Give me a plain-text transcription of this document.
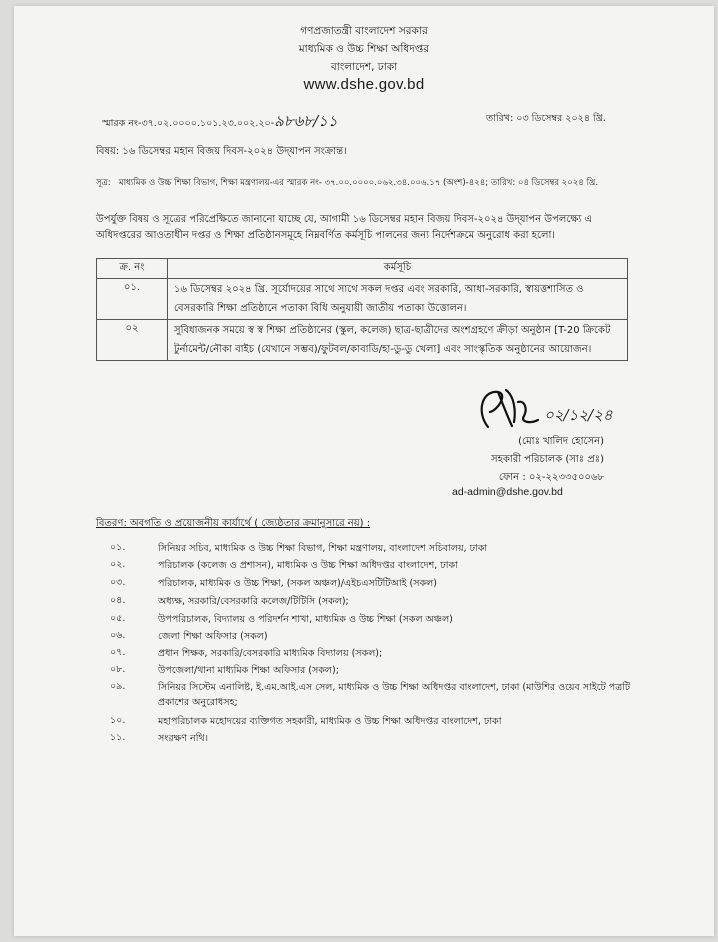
গণপ্রজাতন্ত্রী বাংলাদেশ সরকার
মাধ্যমিক ও উচ্চ শিক্ষা অধিদপ্তর
বাংলাদেশ, ঢাকা
www.dshe.gov.bd
স্মারক নং-৩৭.০২.০০০০.১০১.২৩.০০২.২০-৯৮৬৮/১১	তারিখ: ০৩ ডিসেম্বর ২০২৪ খ্রি.
বিষয়: ১৬ ডিসেম্বর মহান বিজয় দিবস-২০২৪ উদ্‌যাপন সংক্রান্ত।
সূত্র: মাধ্যমিক ও উচ্চ শিক্ষা বিভাগ, শিক্ষা মন্ত্রণালয়-এর স্মারক নং- ৩৭.০০.০০০০.০৬২.৩৪.০০৬.১৭ (অংশ)-৪২৪; তারিখ: ০৪ ডিসেম্বর ২০২৪ খ্রি.
উপর্যুক্ত বিষয় ও সূত্রের পরিপ্রেক্ষিতে জানানো যাচ্ছে যে, আগামী ১৬ ডিসেম্বর মহান বিজয় দিবস-২০২৪ উদ্‌যাপন উপলক্ষ্যে এ অধিদপ্তরের আওতাধীন দপ্তর ও শিক্ষা প্রতিষ্ঠানসমূহে নিম্নবর্ণিত কর্মসূচি পালনের জন্য নির্দেশক্রমে অনুরোধ করা হলো।
ক্র. নং	কর্মসূচি
০১.	১৬ ডিসেম্বর ২০২৪ খ্রি. সূর্যোদয়ের সাথে সাথে সকল দপ্তর এবং সরকারি, আধা-সরকারি, স্বায়ত্তশাসিত ও বেসরকারি শিক্ষা প্রতিষ্ঠানে পতাকা বিধি অনুযায়ী জাতীয় পতাকা উত্তোলন।
০২	সুবিধাজনক সময়ে স্ব স্ব শিক্ষা প্রতিষ্ঠানের (স্কুল, কলেজ) ছাত্র-ছাত্রীদের অংশগ্রহণে ক্রীড়া অনুষ্ঠান [T-20 ক্রিকেট টুর্নামেন্ট/নৌকা বাইচ (যেখানে সম্ভব)/ফুটবল/কাবাডি/হা-ডু-ডু খেলা] এবং সাংস্কৃতিক অনুষ্ঠানের আয়োজন।
০২/১২/২৪
(মোঃ খালিদ হোসেন)
সহকারী পরিচালক (সাঃ প্রঃ)
ফোন : ০২-২২৩৩৫০০৬৮
ad-admin@dshe.gov.bd
বিতরণ: অবগতি ও প্রয়োজনীয় কার্যার্থে ( জ্যেষ্ঠতার ক্রমানুসারে নয়) :
০১.	সিনিয়র সচিব, মাধ্যমিক ও উচ্চ শিক্ষা বিভাগ, শিক্ষা মন্ত্রণালয়, বাংলাদেশ সচিবালয়, ঢাকা
০২.	পরিচালক (কলেজ ও প্রশাসন), মাধ্যমিক ও উচ্চ শিক্ষা অধিদপ্তর বাংলাদেশ, ঢাকা
০৩.	পরিচালক, মাধ্যমিক ও উচ্চ শিক্ষা, (সকল অঞ্চল)/এইচএসটিটিআই (সকল)
০৪.	অধ্যক্ষ, সরকারি/বেসরকারি কলেজ/টিটিসি (সকল);
০৫.	উপপরিচালক, বিদ্যালয় ও পরিদর্শন শাখা, মাধ্যমিক ও উচ্চ শিক্ষা (সকল অঞ্চল)
০৬.	জেলা শিক্ষা অফিসার (সকল)
০৭.	প্রধান শিক্ষক, সরকারি/বেসরকারি মাধ্যমিক বিদ্যালয় (সকল);
০৮.	উপজেলা/থানা মাধ্যমিক শিক্ষা অফিসার (সকল);
০৯.	সিনিয়র সিস্টেম এনালিষ্ট, ই.এম.আই.এস সেল, মাধ্যমিক ও উচ্চ শিক্ষা অধিদপ্তর বাংলাদেশ, ঢাকা (মাউশির ওয়েব সাইটে পত্রটি প্রকাশের অনুরোধসহ;
১০.	মহাপরিচালক মহোদয়ের ব্যক্তিগত সহকারী, মাধ্যমিক ও উচ্চ শিক্ষা অধিদপ্তর বাংলাদেশ, ঢাকা
১১.	সংরক্ষণ নথি।
